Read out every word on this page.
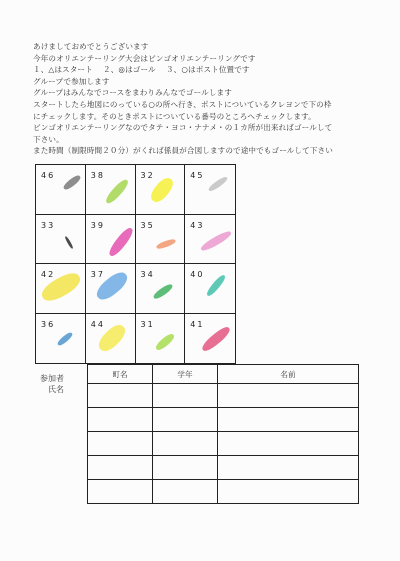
あけましておめでとうございます
今年のオリエンテーリング大会はビンゴオリエンテーリングです
１、△はスタート　 ２、◎はゴール　 ３、○はポスト位置です
グループで参加します
グループはみんなでコースをまわりみんなでゴールします
スタートしたら地図にのっている○の所へ行き、ポストについているクレヨンで下の枠
にチェックします。そのときポストについている番号のところへチェックします。
ビンゴオリエンテーリングなのでタテ・ヨコ・ナナメ・の１カ所が出来ればゴールして
下さい。
また時間（制限時間２０分）がくれば係員が合図しますので途中でもゴールして下さい
46	38	32	45
33	39	35	43
42	37	34	40
36	44	31	41
参加者
氏名
町名	学年	名前
